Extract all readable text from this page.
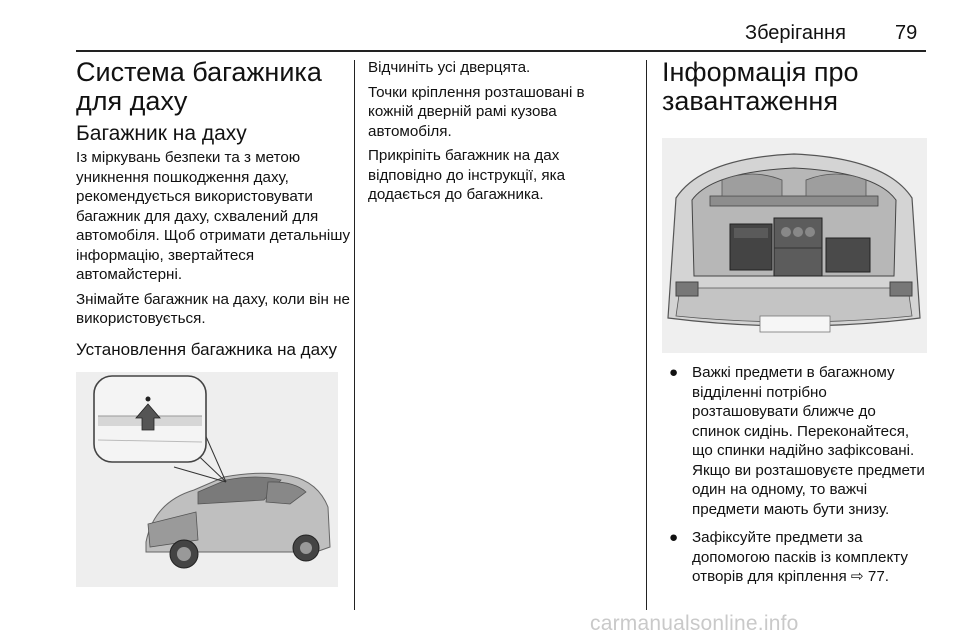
Зберігання 79
Система багажника для даху
Багажник на даху

Із міркувань безпеки та з метою уникнення пошкодження даху, рекомендується використовувати багажник для даху, схвалений для автомобіля. Щоб отримати детальнішу інформацію, звертайтеся автомайстерні.

Знімайте багажник на даху, коли він не використовується.

Установлення багажника на даху

Відчиніть усі дверцята.

Точки кріплення розташовані в кожній дверній рамі кузова автомобіля.

Прикріпіть багажник на дах відповідно до інструкції, яка додається до багажника.

Інформація про завантаження
● Важкі предмети в багажному відділенні потрібно розташовувати ближче до спинок сидінь. Переконайтеся, що спинки надійно зафіксовані. Якщо ви розташовуєте предмети один на одному, то важчі предмети мають бути знизу.
● Зафіксуйте предмети за допомогою пасків із комплекту отворів для кріплення ⇨ 77.
carmanualsonline.info
